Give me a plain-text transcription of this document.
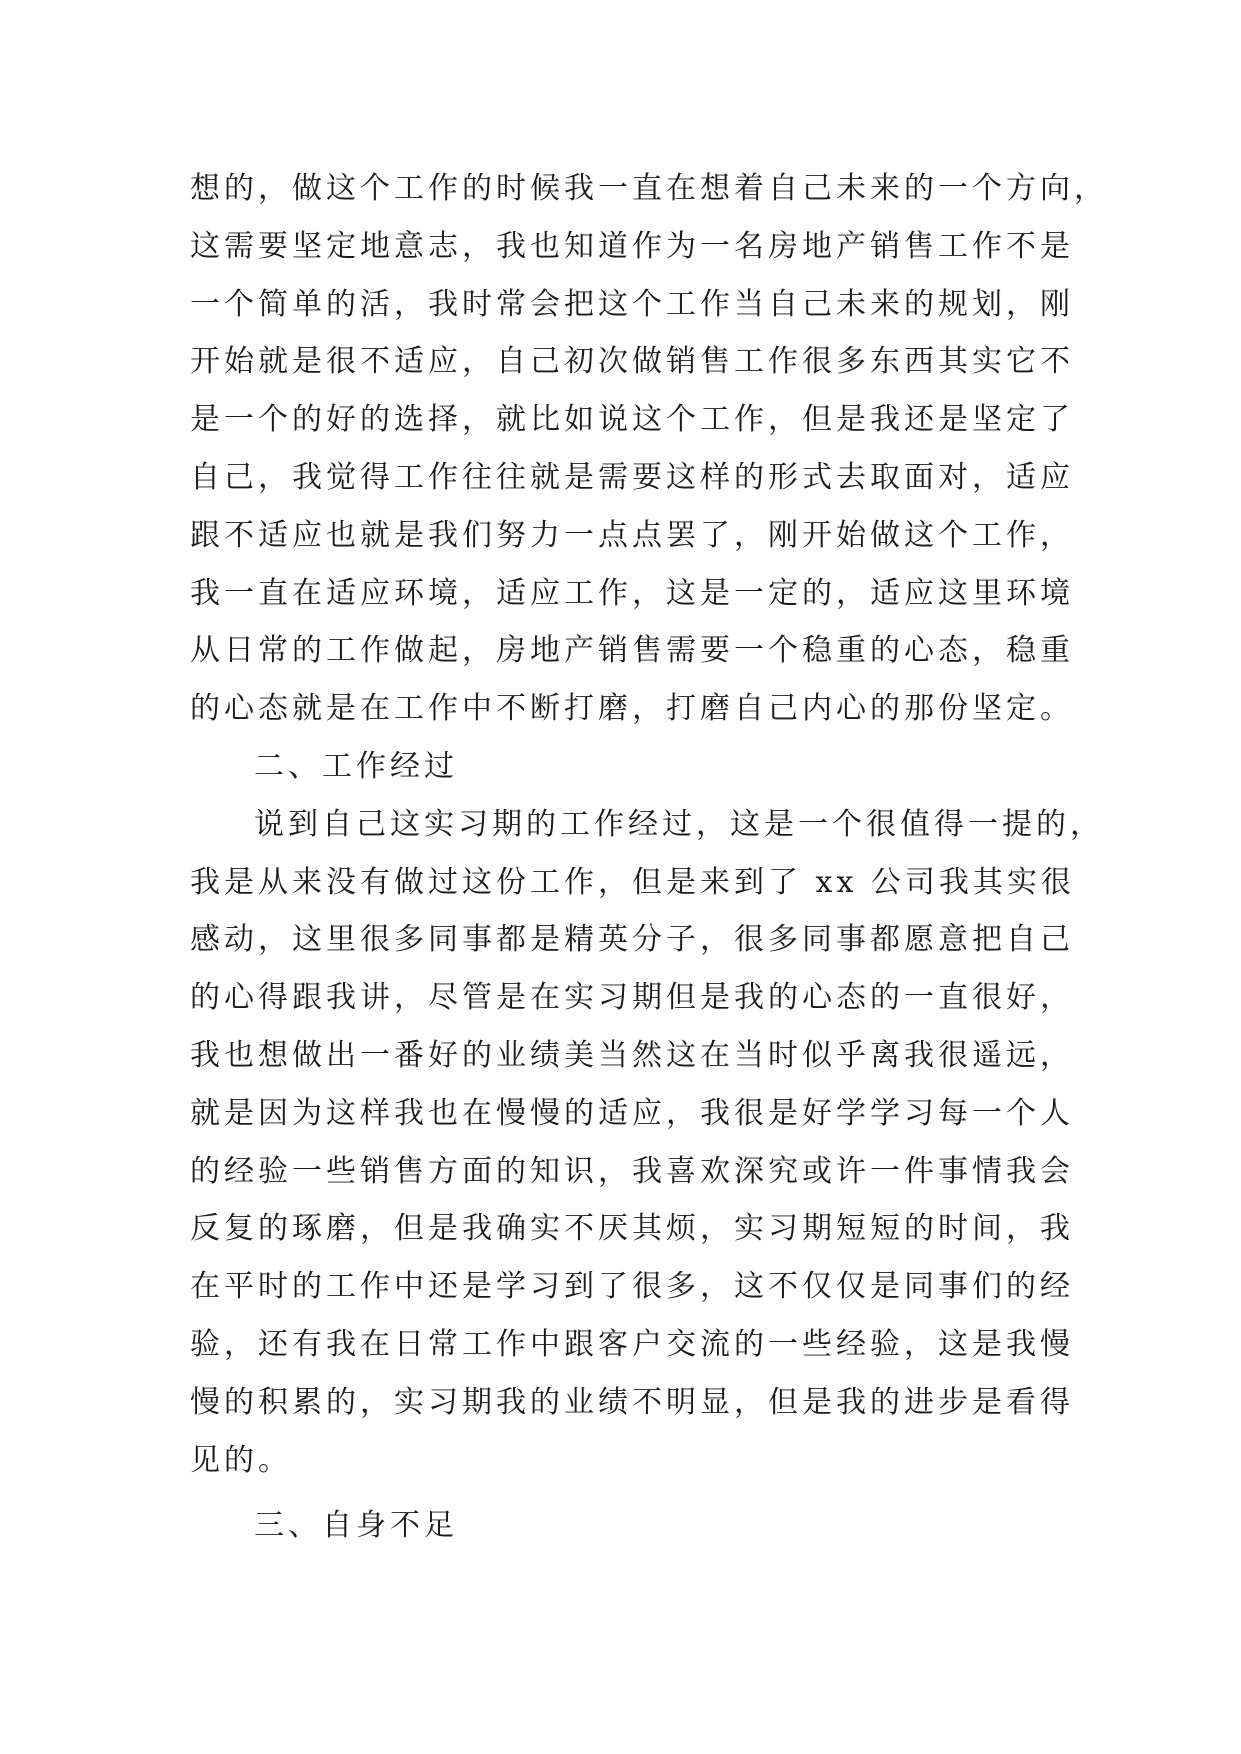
想的，做这个工作的时候我一直在想着自己未来的一个方向，
这需要坚定地意志，我也知道作为一名房地产销售工作不是
一个简单的活，我时常会把这个工作当自己未来的规划，刚
开始就是很不适应，自己初次做销售工作很多东西其实它不
是一个的好的选择，就比如说这个工作，但是我还是坚定了
自己，我觉得工作往往就是需要这样的形式去取面对，适应
跟不适应也就是我们努力一点点罢了，刚开始做这个工作，
我一直在适应环境，适应工作，这是一定的，适应这里环境
从日常的工作做起，房地产销售需要一个稳重的心态，稳重
的心态就是在工作中不断打磨，打磨自己内心的那份坚定。
二、工作经过
说到自己这实习期的工作经过，这是一个很值得一提的，
我是从来没有做过这份工作，但是来到了 xx 公司我其实很
感动，这里很多同事都是精英分子，很多同事都愿意把自己
的心得跟我讲，尽管是在实习期但是我的心态的一直很好，
我也想做出一番好的业绩美当然这在当时似乎离我很遥远，
就是因为这样我也在慢慢的适应，我很是好学学习每一个人
的经验一些销售方面的知识，我喜欢深究或许一件事情我会
反复的琢磨，但是我确实不厌其烦，实习期短短的时间，我
在平时的工作中还是学习到了很多，这不仅仅是同事们的经
验，还有我在日常工作中跟客户交流的一些经验，这是我慢
慢的积累的，实习期我的业绩不明显，但是我的进步是看得
见的。
三、自身不足
